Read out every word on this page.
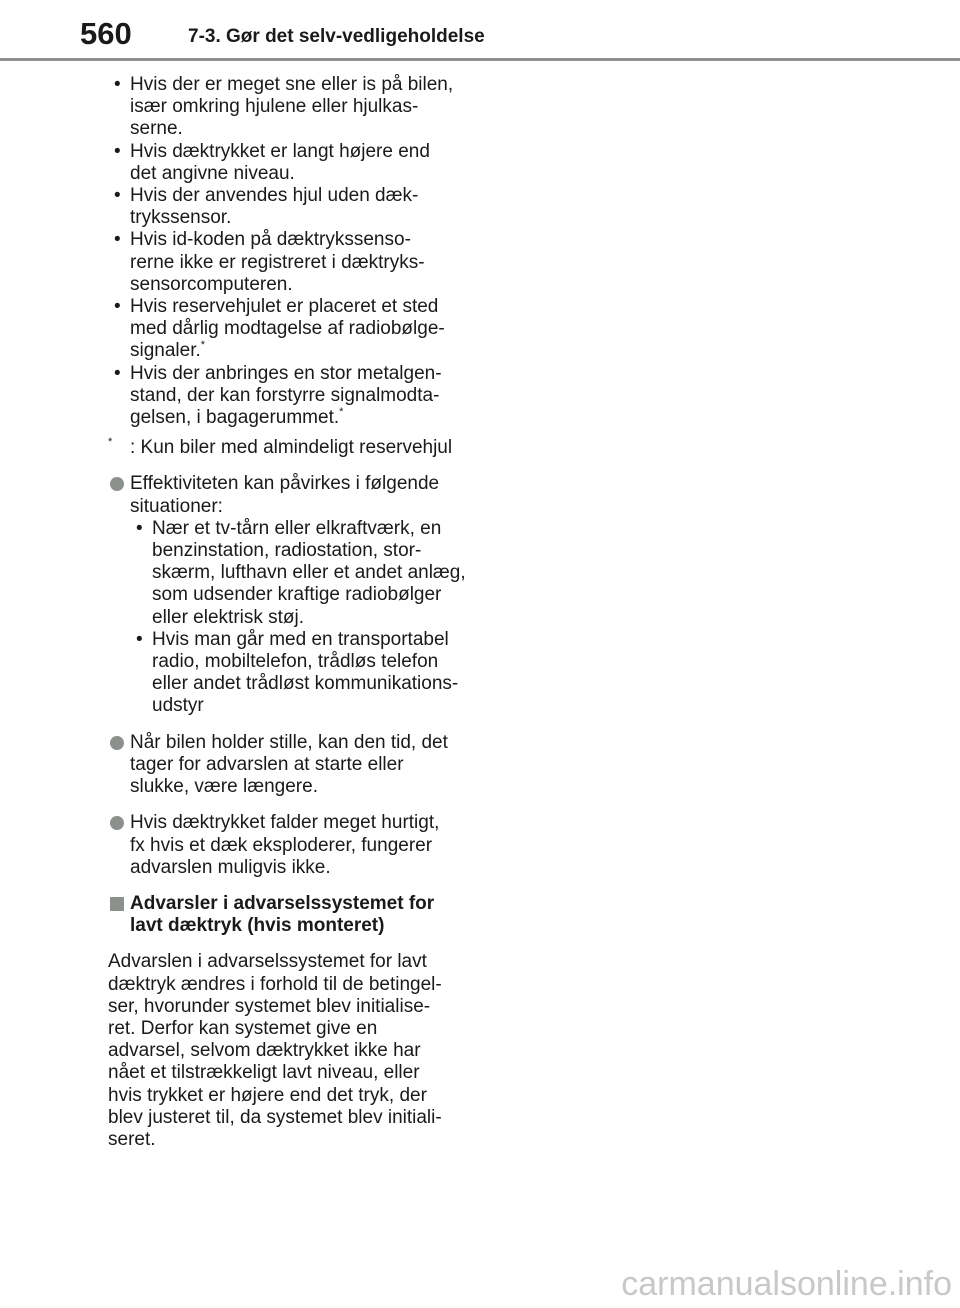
560	7-3. Gør det selv-vedligeholdelse
• Hvis der er meget sne eller is på bilen,
især omkring hjulene eller hjulkas-
serne.
• Hvis dæktrykket er langt højere end
det angivne niveau.
• Hvis der anvendes hjul uden dæk-
trykssensor.
• Hvis id-koden på dæktrykssenso-
rerne ikke er registreret i dæktryks-
sensorcomputeren.
• Hvis reservehjulet er placeret et sted
med dårlig modtagelse af radiobølge-
signaler.*
• Hvis der anbringes en stor metalgen-
stand, der kan forstyrre signalmodta-
gelsen, i bagagerummet.*
* : Kun biler med almindeligt reservehjul
Effektiviteten kan påvirkes i følgende
situationer:
• Nær et tv-tårn eller elkraftværk, en
benzinstation, radiostation, stor-
skærm, lufthavn eller et andet anlæg,
som udsender kraftige radiobølger
eller elektrisk støj.
• Hvis man går med en transportabel
radio, mobiltelefon, trådløs telefon
eller andet trådløst kommunikations-
udstyr
Når bilen holder stille, kan den tid, det
tager for advarslen at starte eller
slukke, være længere.
Hvis dæktrykket falder meget hurtigt,
fx hvis et dæk eksploderer, fungerer
advarslen muligvis ikke.
Advarsler i advarselssystemet for
lavt dæktryk (hvis monteret)
Advarslen i advarselssystemet for lavt
dæktryk ændres i forhold til de betingel-
ser, hvorunder systemet blev initialise-
ret. Derfor kan systemet give en
advarsel, selvom dæktrykket ikke har
nået et tilstrækkeligt lavt niveau, eller
hvis trykket er højere end det tryk, der
blev justeret til, da systemet blev initiali-
seret.
carmanualsonline.info
